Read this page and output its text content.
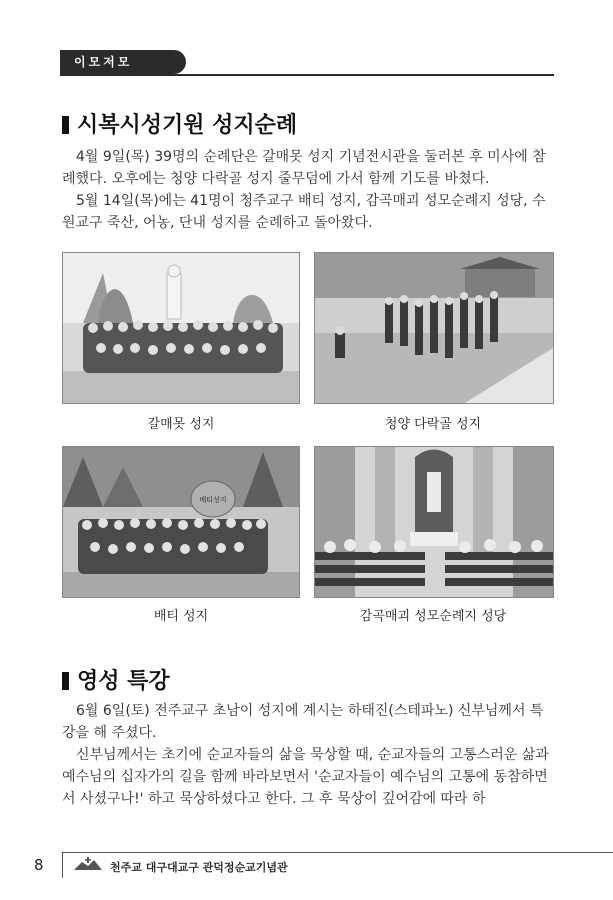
이모저모
시복시성기원 성지순례

4월 9일(목) 39명의 순례단은 갈매못 성지 기념전시관을 둘러본 후 미사에 참례했다. 오후에는 청양 다락골 성지 줄무덤에 가서 함께 기도를 바쳤다.

5월 14일(목)에는 41명이 청주교구 배티 성지, 감곡매괴 성모순례지 성당, 수원교구 죽산, 어농, 단내 성지를 순례하고 돌아왔다.

갈매못 성지	청양 다락골 성지
배티성지
배티 성지	감곡매괴 성모순례지 성당
영성 특강

6월 6일(토) 전주교구 초남이 성지에 계시는 하태진(스테파노) 신부님께서 특강을 해 주셨다.

신부님께서는 초기에 순교자들의 삶을 묵상할 때, 순교자들의 고통스러운 삶과 예수님의 십자가의 길을 함께 바라보면서 '순교자들이 예수님의 고통에 동참하면서 사셨구나!' 하고 묵상하셨다고 한다. 그 후 묵상이 깊어감에 따라 하

8	천주교 대구대교구 관덕정순교기념관
